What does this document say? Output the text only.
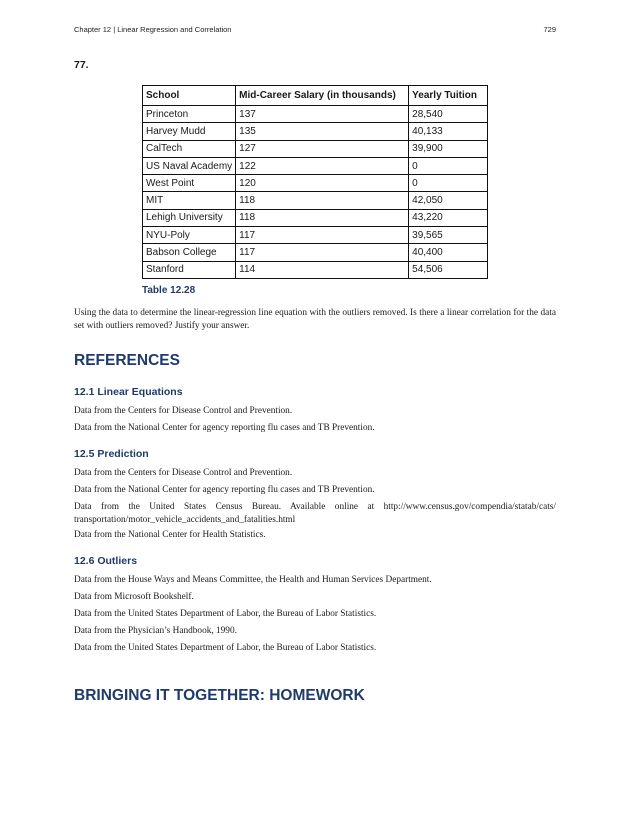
Chapter 12 | Linear Regression and Correlation	729
77.
School	Mid-Career Salary (in thousands)	Yearly Tuition
Princeton	137	28,540
Harvey Mudd	135	40,133
CalTech	127	39,900
US Naval Academy	122	0
West Point	120	0
MIT	118	42,050
Lehigh University	118	43,220
NYU-Poly	117	39,565
Babson College	117	40,400
Stanford	114	54,506
Table 12.28
Using the data to determine the linear-regression line equation with the outliers removed. Is there a linear correlation for the data set with outliers removed? Justify your answer.
REFERENCES
12.1 Linear Equations
Data from the Centers for Disease Control and Prevention.
Data from the National Center for agency reporting flu cases and TB Prevention.
12.5 Prediction
Data from the Centers for Disease Control and Prevention.
Data from the National Center for agency reporting flu cases and TB Prevention.
Data from the United States Census Bureau. Available online at http://www.census.gov/compendia/statab/cats/ transportation/motor_vehicle_accidents_and_fatalities.html
Data from the National Center for Health Statistics.
12.6 Outliers
Data from the House Ways and Means Committee, the Health and Human Services Department.
Data from Microsoft Bookshelf.
Data from the United States Department of Labor, the Bureau of Labor Statistics.
Data from the Physician’s Handbook, 1990.
Data from the United States Department of Labor, the Bureau of Labor Statistics.
BRINGING IT TOGETHER: HOMEWORK
